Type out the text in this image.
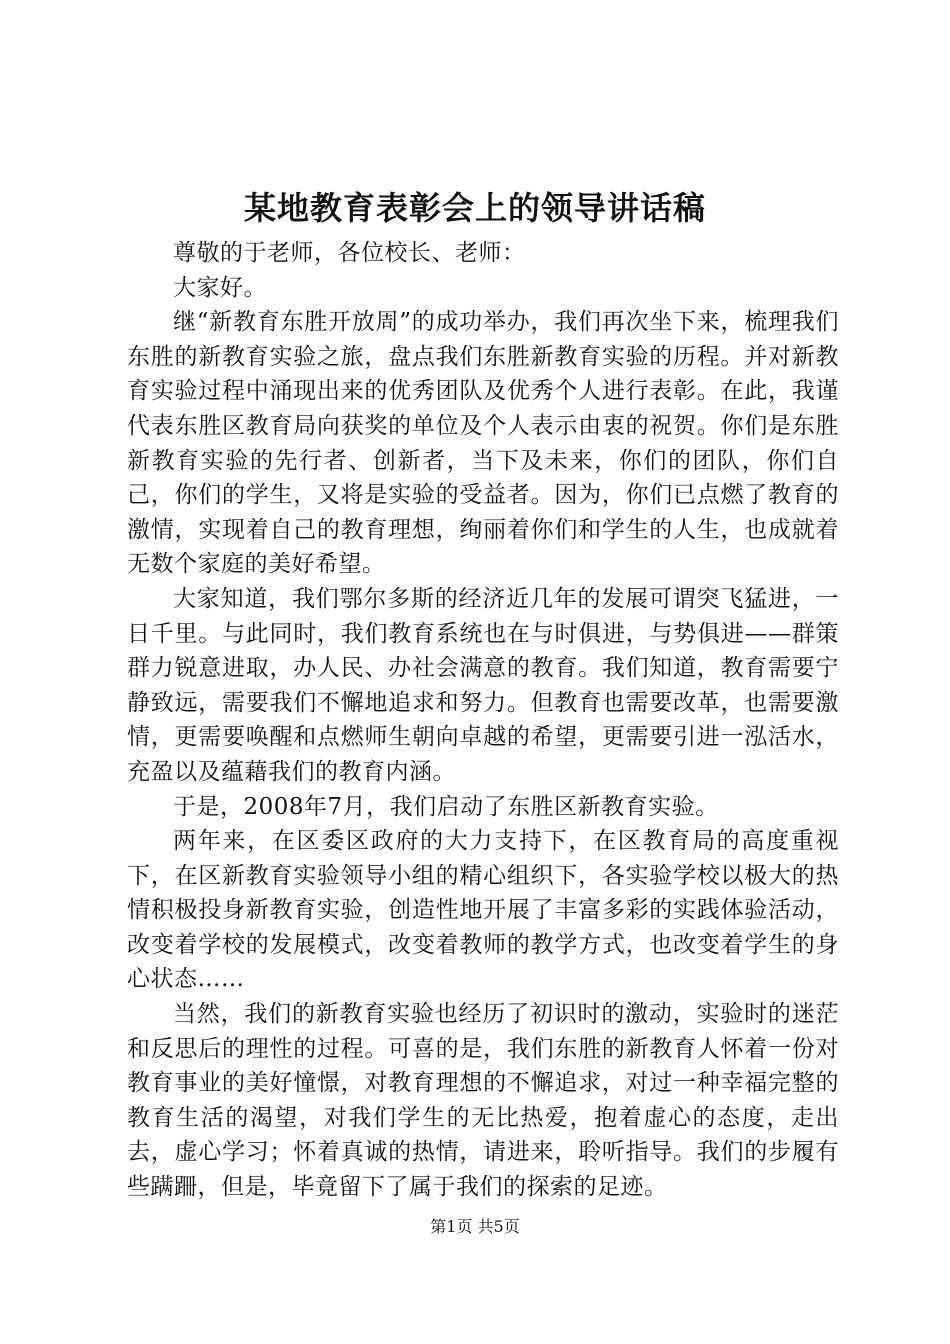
某地教育表彰会上的领导讲话稿

尊敬的于老师，各位校长、老师：

大家好。

继“新教育东胜开放周”的成功举办，我们再次坐下来，梳理我们东胜的新教育实验之旅，盘点我们东胜新教育实验的历程。并对新教育实验过程中涌现出来的优秀团队及优秀个人进行表彰。在此，我谨代表东胜区教育局向获奖的单位及个人表示由衷的祝贺。你们是东胜新教育实验的先行者、创新者，当下及未来，你们的团队，你们自己，你们的学生，又将是实验的受益者。因为，你们已点燃了教育的激情，实现着自己的教育理想，绚丽着你们和学生的人生，也成就着无数个家庭的美好希望。

大家知道，我们鄂尔多斯的经济近几年的发展可谓突飞猛进，一日千里。与此同时，我们教育系统也在与时俱进，与势俱进——群策群力锐意进取，办人民、办社会满意的教育。我们知道，教育需要宁静致远，需要我们不懈地追求和努力。但教育也需要改革，也需要激情，更需要唤醒和点燃师生朝向卓越的希望，更需要引进一泓活水，充盈以及蕴藉我们的教育内涵。

于是，2008年7月，我们启动了东胜区新教育实验。

两年来，在区委区政府的大力支持下，在区教育局的高度重视下，在区新教育实验领导小组的精心组织下，各实验学校以极大的热情积极投身新教育实验，创造性地开展了丰富多彩的实践体验活动，改变着学校的发展模式，改变着教师的教学方式，也改变着学生的身心状态……

当然，我们的新教育实验也经历了初识时的激动，实验时的迷茫和反思后的理性的过程。可喜的是，我们东胜的新教育人怀着一份对教育事业的美好憧憬，对教育理想的不懈追求，对过一种幸福完整的教育生活的渴望，对我们学生的无比热爱，抱着虚心的态度，走出去，虚心学习；怀着真诚的热情，请进来，聆听指导。我们的步履有些蹒跚，但是，毕竟留下了属于我们的探索的足迹。

第1页 共5页
